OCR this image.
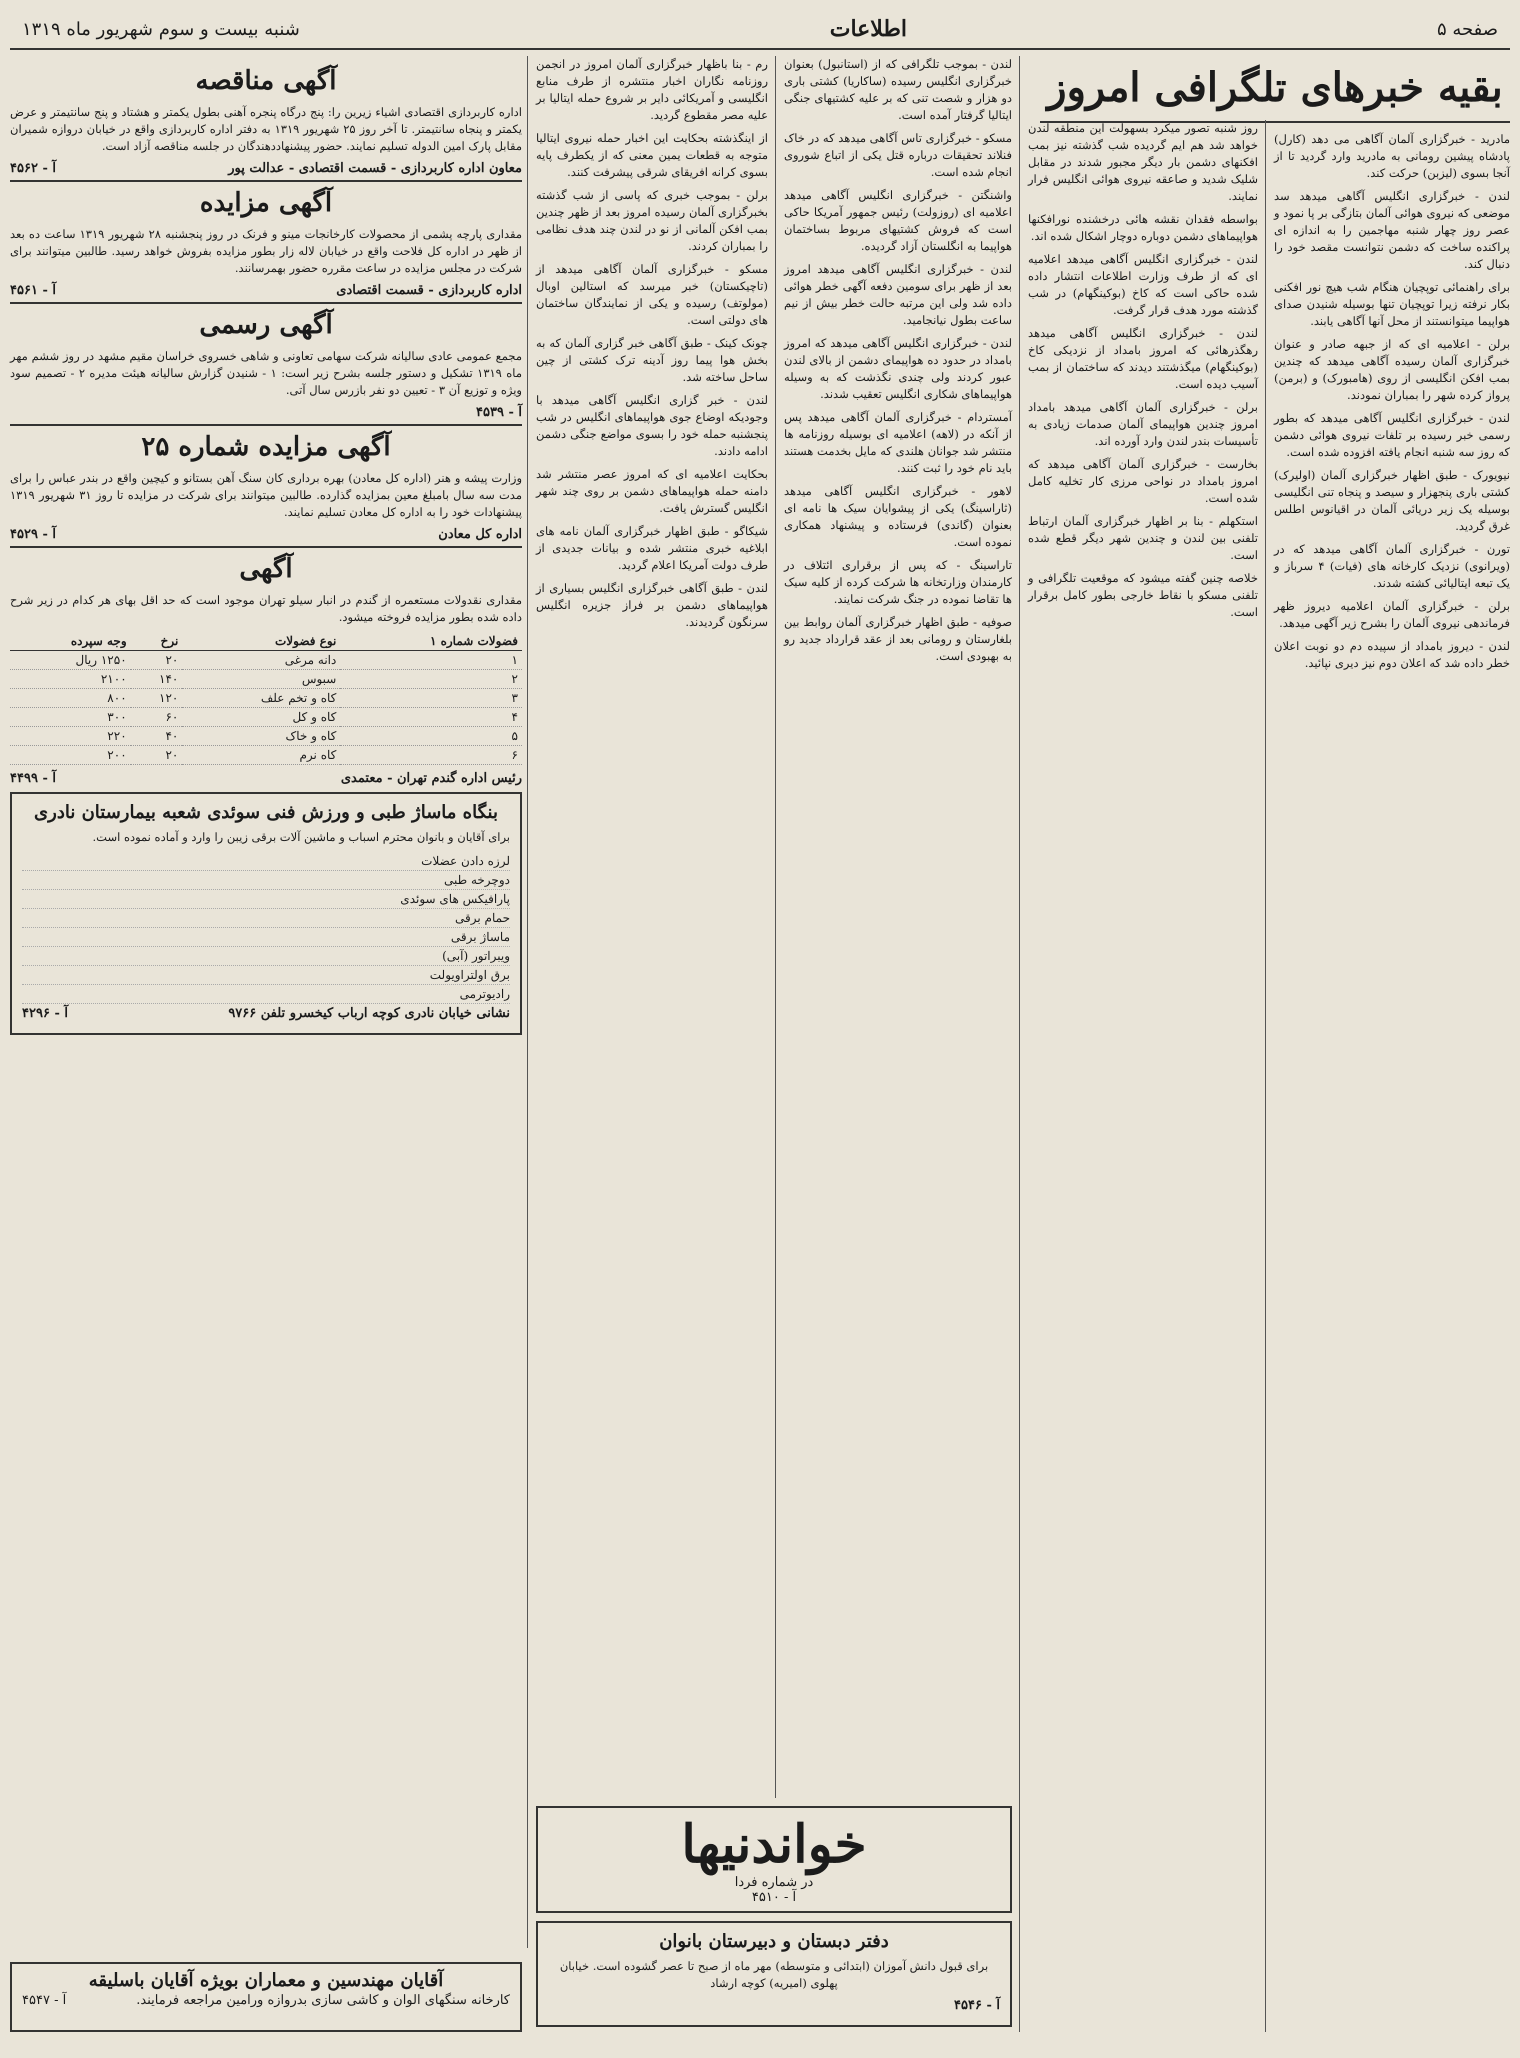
صفحه ۵
اطلاعات
شنبه بیست و سوم شهریور ماه ۱۳۱۹
بقیه خبرهای تلگرافی امروز

مادرید - خبرگزاری آلمان آگاهی می دهد (کارل) پادشاه پیشین رومانی به مادرید وارد گردید تا از آنجا بسوی (لیزبن) حرکت کند.

لندن - خبرگزاری انگلیس آگاهی میدهد سد موضعی که نیروی هوائی آلمان بتازگی بر پا نمود و عصر روز چهار شنبه مهاجمین را به اندازه ای پراکنده ساخت که دشمن نتوانست مقصد خود را دنبال کند.

برای راهنمائی توپچیان هنگام شب هیچ نور افکنی بکار نرفته زیرا توپچیان تنها بوسیله شنیدن صدای هواپیما میتوانستند از محل آنها آگاهی یابند.

برلن - اعلامیه ای که از جبهه صادر و عنوان خبرگزاری آلمان رسیده آگاهی میدهد که چندین بمب افکن انگلیسی از روی (هامبورک) و (برمن) پرواز کرده شهر را بمباران نمودند.

لندن - خبرگزاری انگلیس آگاهی میدهد که بطور رسمی خبر رسیده بر تلفات نیروی هوائی دشمن که روز سه شنبه انجام یافته افزوده شده است.

نیویورک - طبق اظهار خبرگزاری آلمان (اولیرک) کشتی باری پنجهزار و سیصد و پنجاه تنی انگلیسی بوسیله یک زیر دریائی آلمان در اقیانوس اطلس غرق گردید.

تورن - خبرگزاری آلمان آگاهی میدهد که در (ویرانوی) نزدیک کارخانه های (فیات) ۴ سرباز و یک تبعه ایتالیائی کشته شدند.

برلن - خبرگزاری آلمان اعلامیه دیروز ظهر فرماندهی نیروی آلمان را بشرح زیر آگهی میدهد.

لندن - دیروز بامداد از سپیده دم دو نوبت اعلان خطر داده شد که اعلان دوم نیز دیری نپائید.

روز شنبه تصور میکرد بسهولت این منطقه لندن خواهد شد هم ایم گردیده شب گذشته نیز بمب افکنهای دشمن بار دیگر مجبور شدند در مقابل شلیک شدید و صاعقه نیروی هوائی انگلیس فرار نمایند.

بواسطه فقدان نقشه هائی درخشنده نورافکنها هواپیماهای دشمن دوباره دوچار اشکال شده اند.

لندن - خبرگزاری انگلیس آگاهی میدهد اعلامیه ای که از طرف وزارت اطلاعات انتشار داده شده حاکی است که کاخ (بوکینگهام) در شب گذشته مورد هدف قرار گرفت.

لندن - خبرگزاری انگلیس آگاهی میدهد رهگذرهائی که امروز بامداد از نزدیکی کاخ (بوکینگهام) میگذشتند دیدند که ساختمان از بمب آسیب دیده است.

برلن - خبرگزاری آلمان آگاهی میدهد بامداد امروز چندین هواپیمای آلمان صدمات زیادی به تأسیسات بندر لندن وارد آورده اند.

بخارست - خبرگزاری آلمان آگاهی میدهد که امروز بامداد در نواحی مرزی کار تخلیه کامل شده است.

استکهلم - بنا بر اظهار خبرگزاری آلمان ارتباط تلفنی بین لندن و چندین شهر دیگر قطع شده است.

خلاصه چنین گفته میشود که موقعیت تلگرافی و تلفنی مسکو با نقاط خارجی بطور کامل برقرار است.

لندن - بموجب تلگرافی که از (استانبول) بعنوان خبرگزاری انگلیس رسیده (ساکاریا) کشتی باری دو هزار و شصت تنی که بر علیه کشتیهای جنگی ایتالیا گرفتار آمده است.

مسکو - خبرگزاری تاس آگاهی میدهد که در خاک فنلاند تحقیقات درباره قتل یکی از اتباع شوروی انجام شده است.

واشنگتن - خبرگزاری انگلیس آگاهی میدهد اعلامیه ای (روزولت) رئیس جمهور آمریکا حاکی است که فروش کشتیهای مربوط بساختمان هواپیما به انگلستان آزاد گردیده.

لندن - خبرگزاری انگلیس آگاهی میدهد امروز بعد از ظهر برای سومین دفعه آگهی خطر هوائی داده شد ولی این مرتبه حالت خطر بیش از نیم ساعت بطول نیانجامید.

لندن - خبرگزاری انگلیس آگاهی میدهد که امروز بامداد در حدود ده هواپیمای دشمن از بالای لندن عبور کردند ولی چندی نگذشت که به وسیله هواپیماهای شکاری انگلیس تعقیب شدند.

آمستردام - خبرگزاری آلمان آگاهی میدهد پس از آنکه در (لاهه) اعلامیه ای بوسیله روزنامه ها منتشر شد جوانان هلندی که مایل بخدمت هستند باید نام خود را ثبت کنند.

لاهور - خبرگزاری انگلیس آگاهی میدهد (ثاراسینگ) یکی از پیشوایان سیک ها نامه ای بعنوان (گاندی) فرستاده و پیشنهاد همکاری نموده است.

تاراسینگ - که پس از برقراری ائتلاف در کارمندان وزارتخانه ها شرکت کرده از کلیه سیک ها تقاضا نموده در جنگ شرکت نمایند.

صوفیه - طبق اظهار خبرگزاری آلمان روابط بین بلغارستان و رومانی بعد از عقد قرارداد جدید رو به بهبودی است.

رم - بنا باظهار خبرگزاری آلمان امروز در انجمن روزنامه نگاران اخبار منتشره از طرف منابع انگلیسی و آمریکائی دایر بر شروع حمله ایتالیا بر علیه مصر مقطوع گردید.

از اینگذشته بحکایت این اخبار حمله نیروی ایتالیا متوجه به قطعات یمین معنی که از یکطرف پایه بسوی کرانه افریقای شرقی پیشرفت کنند.

برلن - بموجب خبری که پاسی از شب گذشته بخبرگزاری آلمان رسیده امروز بعد از ظهر چندین بمب افکن آلمانی از نو در لندن چند هدف نظامی را بمباران کردند.

مسکو - خبرگزاری آلمان آگاهی میدهد از (تاچیکستان) خبر میرسد که استالین اوبال (مولوتف) رسیده و یکی از نمایندگان ساختمان های دولتی است.

چونک کینک - طبق آگاهی خبر گزاری آلمان که به بخش هوا پیما روز آدینه ترک کشتی از چین ساحل ساخته شد.

لندن - خبر گزاری انگلیس آگاهی میدهد با وجودیکه اوضاع جوی هواپیماهای انگلیس در شب پنجشنبه حمله خود را بسوی مواضع جنگی دشمن ادامه دادند.

بحکایت اعلامیه ای که امروز عصر منتشر شد دامنه حمله هواپیماهای دشمن بر روی چند شهر انگلیس گسترش یافت.

شیکاگو - طبق اظهار خبرگزاری آلمان نامه های ابلاغیه خبری منتشر شده و بیانات جدیدی از طرف دولت آمریکا اعلام گردید.

لندن - طبق آگاهی خبرگزاری انگلیس بسیاری از هواپیماهای دشمن بر فراز جزیره انگلیس سرنگون گردیدند.

خواندنیها
در شماره فردا
آ - ۴۵۱۰
دفتر دبستان و دبیرستان بانوان

برای قبول دانش آموزان (ابتدائی و متوسطه) مهر ماه از صبح تا عصر گشوده است. خیابان پهلوی (امیریه) کوچه ارشاد

آ - ۴۵۴۶
آگهی مناقصه

اداره کاربردازی اقتصادی اشیاء زیرین را: پنج درگاه پنجره آهنی بطول یکمتر و هشتاد و پنج سانتیمتر و عرض یکمتر و پنجاه سانتیمتر. تا آخر روز ۲۵ شهریور ۱۳۱۹ به دفتر اداره کاربردازی واقع در خیابان دروازه شمیران مقابل پارک امین الدوله تسلیم نمایند. حضور پیشنهاددهندگان در جلسه مناقصه آزاد است.

معاون اداره کاربردازی - قسمت اقتصادی - عدالت پور
آ - ۴۵۶۲
آگهی مزایده

مقداری پارچه پشمی از محصولات کارخانجات مینو و فرنک در روز پنجشنبه ۲۸ شهریور ۱۳۱۹ ساعت ده بعد از ظهر در اداره کل فلاحت واقع در خیابان لاله زار بطور مزایده بفروش خواهد رسید. طالبین میتوانند برای شرکت در مجلس مزایده در ساعت مقرره حضور بهمرسانند.

اداره کاربردازی - قسمت اقتصادی
آ - ۴۵۶۱
آگهی رسمی

مجمع عمومی عادی سالیانه شرکت سهامی تعاونی و شاهی خسروی خراسان مقیم مشهد در روز ششم مهر ماه ۱۳۱۹ تشکیل و دستور جلسه بشرح زیر است: ۱ - شنیدن گزارش سالیانه هیئت مدیره ۲ - تصمیم سود ویژه و توزیع آن ۳ - تعیین دو نفر بازرس سال آتی.

آ - ۴۵۳۹
آگهی مزایده شماره ۲۵

وزارت پیشه و هنر (اداره کل معادن) بهره برداری کان سنگ آهن بستانو و کیچین واقع در بندر عباس را برای مدت سه سال بامبلغ معین بمزایده گذارده. طالبین میتوانند برای شرکت در مزایده تا روز ۳۱ شهریور ۱۳۱۹ پیشنهادات خود را به اداره کل معادن تسلیم نمایند.

اداره کل معادن
آ - ۴۵۲۹
آگهی

مقداری نقدولات مستعمره از گندم در انبار سیلو تهران موجود است که حد اقل بهای هر کدام در زیر شرح داده شده بطور مزایده فروخته میشود.

فضولات شماره ۱	نوع فضولات	نرخ	وجه سپرده
۱	دانه مرغی	۲۰	۱۲۵۰ ریال
۲	سبوس	۱۴۰	۲۱۰۰
۳	کاه و تخم علف	۱۲۰	۸۰۰
۴	کاه و کل	۶۰	۳۰۰
۵	کاه و خاک	۴۰	۲۲۰
۶	کاه نرم	۲۰	۲۰۰
رئیس اداره گندم تهران - معتمدی
آ - ۴۴۹۹
بنگاه ماساژ طبی و ورزش فنی سوئدی شعبه بیمارستان نادری

برای آقایان و بانوان محترم اسباب و ماشین آلات برقی زیبن را وارد و آماده نموده است.

لرزه دادن عضلات
دوچرخه طبی
پارافیکس های سوئدی
حمام برقی
ماساژ برقی
ویبراتور (آبی)
برق اولتراویولت
رادیوترمی
نشانی خیابان نادری کوچه ارباب کیخسرو تلفن ۹۷۶۶
آ - ۴۲۹۶
آقایان مهندسین و معماران بویژه آقایان باسلیقه
کارخانه سنگهای الوان و کاشی سازی بدروازه ورامین مراجعه فرمایند.
آ - ۴۵۴۷
